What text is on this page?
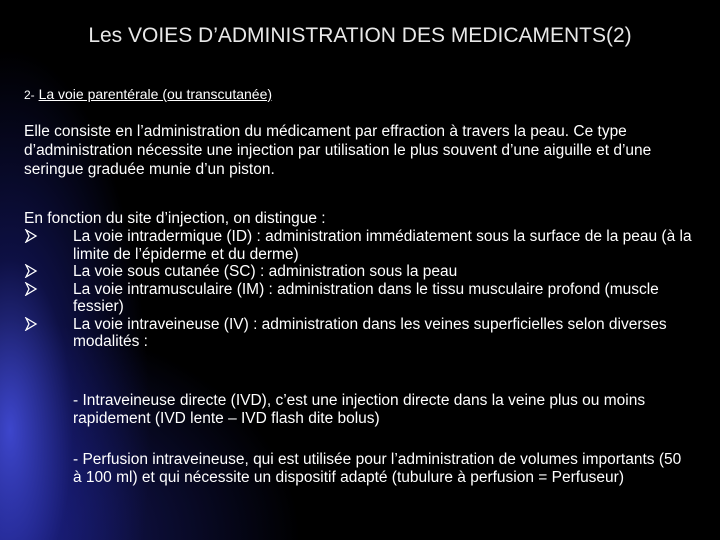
Les VOIES D’ADMINISTRATION DES MEDICAMENTS(2)

2- La voie parentérale (ou transcutanée)

Elle consiste en l’administration du médicament par effraction à travers la peau. Ce type d’administration nécessite une injection par utilisation le plus souvent d’une aiguille et d’une seringue graduée munie d’un piston.

En fonction du site d’injection, on distingue :

La voie intradermique (ID) : administration immédiatement sous la surface de la peau (à la limite de l’épiderme et du derme)
La voie sous cutanée (SC) : administration sous la peau
La voie intramusculaire (IM) : administration dans le tissu musculaire profond (muscle fessier)
La voie intraveineuse (IV) : administration dans les veines superficielles selon diverses modalités :

- Intraveineuse directe (IVD), c’est une injection directe dans la veine plus ou moins rapidement (IVD lente – IVD flash dite bolus)

- Perfusion intraveineuse, qui est utilisée pour l’administration de volumes importants (50 à 100 ml) et qui nécessite un dispositif adapté (tubulure à perfusion = Perfuseur)
